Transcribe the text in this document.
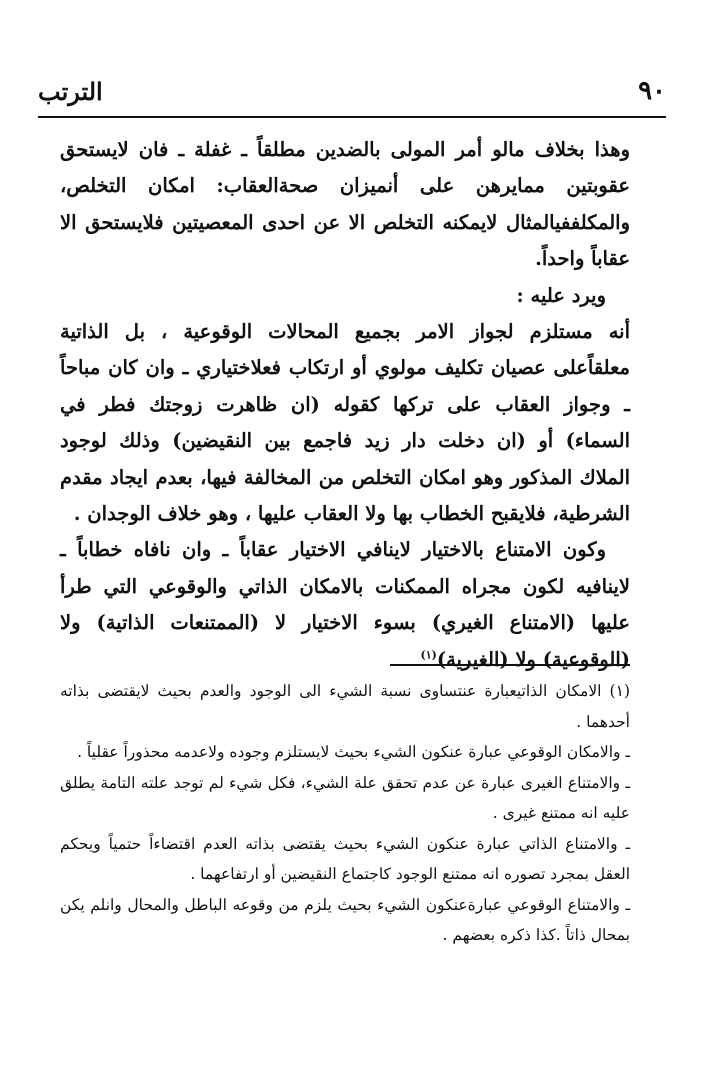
٩٠
الترتب

وهذا بخلاف مالو أمر المولى بالضدين مطلقاً ـ غفلة ـ فان لايستحق عقوبتين ممايرهن على أنميزان صحةالعقاب: امكان التخلص، والمكلففيالمثال لايمكنه التخلص الا عن احدى المعصيتين فلايستحق الا عقاباً واحداً.

ويرد عليه :

أنه مستلزم لجواز الامر بجميع المحالات الوقوعية ، بل الذاتية معلقاًعلى عصيان تكليف مولوي أو ارتكاب فعلاختياري ـ وان كان مباحاً ـ وجواز العقاب على تركها كقوله (ان ظاهرت زوجتك فطر في السماء) أو (ان دخلت دار زيد فاجمع بين النقيضين) وذلك لوجود الملاك المذكور وهو امكان التخلص من المخالفة فيها، بعدم ايجاد مقدم الشرطية، فلايقبح الخطاب بها ولا العقاب عليها ، وهو خلاف الوجدان .

وكون الامتناع بالاختيار لاينافي الاختيار عقاباً ـ وان نافاه خطاباً ـ لاينافيه لكون مجراه الممكنات بالامكان الذاتي والوقوعي التي طرأ عليها (الامتناع الغيري) بسوء الاختيار لا (الممتنعات الذاتية) ولا (الوقوعية) ولا (الغيرية)$^{(١)}$

(١) الامكان الذاتيعبارة عنتساوى نسبة الشيء الى الوجود والعدم بحيث لايقتضى بذاته أحدهما .

ـ والامكان الوقوعي عبارة عنكون الشيء بحيث لايستلزم وجوده ولاعدمه محذوراً عقلياً .

ـ والامتناع الغيرى عبارة عن عدم تحقق علة الشيء، فكل شيء لم توجد علته التامة يطلق عليه انه ممتنع غيرى .

ـ والامتناع الذاتي عبارة عنكون الشيء بحيث يقتضى بذاته العدم اقتضاءاً حتمياً ويحكم العقل بمجرد تصوره انه ممتنع الوجود كاجتماع النقيضين أو ارتفاعهما .

ـ والامتناع الوقوعي عبارةعنكون الشيء بحيث يلزم من وقوعه الباطل والمحال وانلم يكن بمحال ذاتاً .كذا ذكره بعضهم .
